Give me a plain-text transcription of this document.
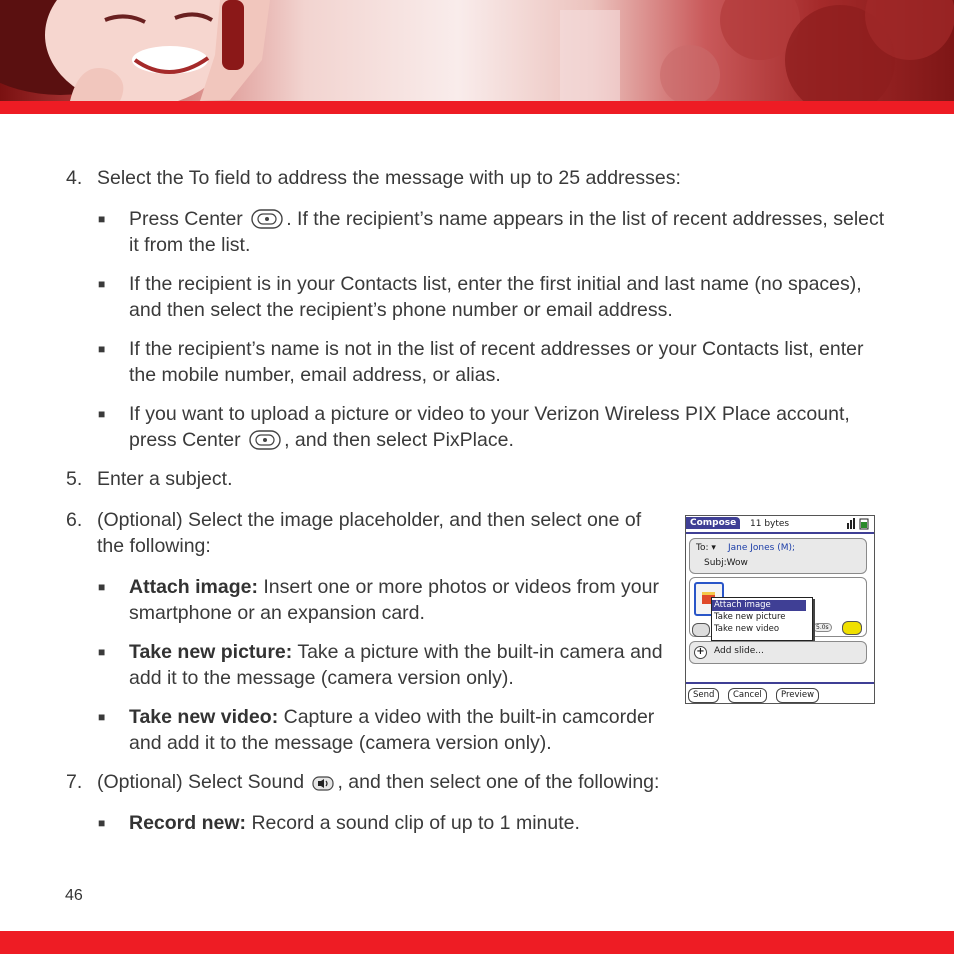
4. Select the To field to address the message with up to 25 addresses:
■ Press Center . If the recipient’s name appears in the list of recent addresses, select it from the list.
■ If the recipient is in your Contacts list, enter the first initial and last name (no spaces), and then select the recipient’s phone number or email address.
■ If the recipient’s name is not in the list of recent addresses or your Contacts list, enter the mobile number, email address, or alias.
■ If you want to upload a picture or video to your Verizon Wireless PIX Place account, press Center , and then select PixPlace.
5. Enter a subject.
6. (Optional) Select the image placeholder, and then select one of the following:
■ Attach image: Insert one or more photos or videos from your smartphone or an expansion card.
■ Take new picture: Take a picture with the built-in camera and add it to the message (camera version only).
■ Take new video: Capture a video with the built-in camcorder and add it to the message (camera version only).
7. (Optional) Select Sound , and then select one of the following:
■ Record new: Record a sound clip of up to 1 minute.
Compose	11 bytes
To: ▾ Jane Jones (M);
Subj:Wow
5.0s
Attach image
Take new picture
Take new video
+ Add slide...
Send	Cancel	Preview
46
